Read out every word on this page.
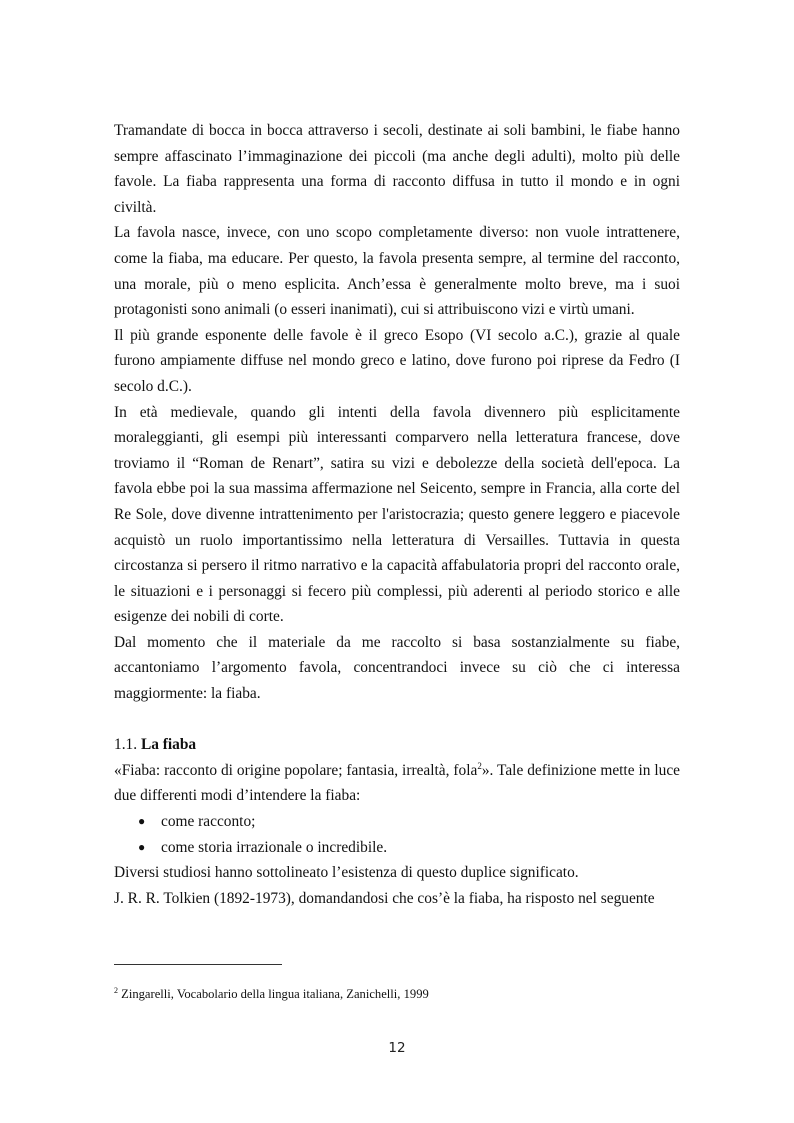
Tramandate di bocca in bocca attraverso i secoli, destinate ai soli bambini, le fiabe hanno sempre affascinato l’immaginazione dei piccoli (ma anche degli adulti), molto più delle favole. La fiaba rappresenta una forma di racconto diffusa in tutto il mondo e in ogni civiltà.

La favola nasce, invece, con uno scopo completamente diverso: non vuole intrattenere, come la fiaba, ma educare. Per questo, la favola presenta sempre, al termine del racconto, una morale, più o meno esplicita. Anch’essa è generalmente molto breve, ma i suoi protagonisti sono animali (o esseri inanimati), cui si attribuiscono vizi e virtù umani.

Il più grande esponente delle favole è il greco Esopo (VI secolo a.C.), grazie al quale furono ampiamente diffuse nel mondo greco e latino, dove furono poi riprese da Fedro (I secolo d.C.).

In età medievale, quando gli intenti della favola divennero più esplicitamente moraleggianti, gli esempi più interessanti comparvero nella letteratura francese, dove troviamo il “Roman de Renart”, satira su vizi e debolezze della società dell'epoca. La favola ebbe poi la sua massima affermazione nel Seicento, sempre in Francia, alla corte del Re Sole, dove divenne intrattenimento per l'aristocrazia; questo genere leggero e piacevole acquistò un ruolo importantissimo nella letteratura di Versailles. Tuttavia in questa circostanza si persero il ritmo narrativo e la capacità affabulatoria propri del racconto orale, le situazioni e i personaggi si fecero più complessi, più aderenti al periodo storico e alle esigenze dei nobili di corte.

Dal momento che il materiale da me raccolto si basa sostanzialmente su fiabe, accantoniamo l’argomento favola, concentrandoci invece su ciò che ci interessa maggiormente: la fiaba.

1.1. La fiaba

«Fiaba: racconto di origine popolare; fantasia, irrealtà, fola$^2$». Tale definizione mette in luce due differenti modi d’intendere la fiaba:

● come racconto;
● come storia irrazionale o incredibile.

Diversi studiosi hanno sottolineato l’esistenza di questo duplice significato.

J. R. R. Tolkien (1892-1973), domandandosi che cos’è la fiaba, ha risposto nel seguente

$^2$ Zingarelli, Vocabolario della lingua italiana, Zanichelli, 1999
12
